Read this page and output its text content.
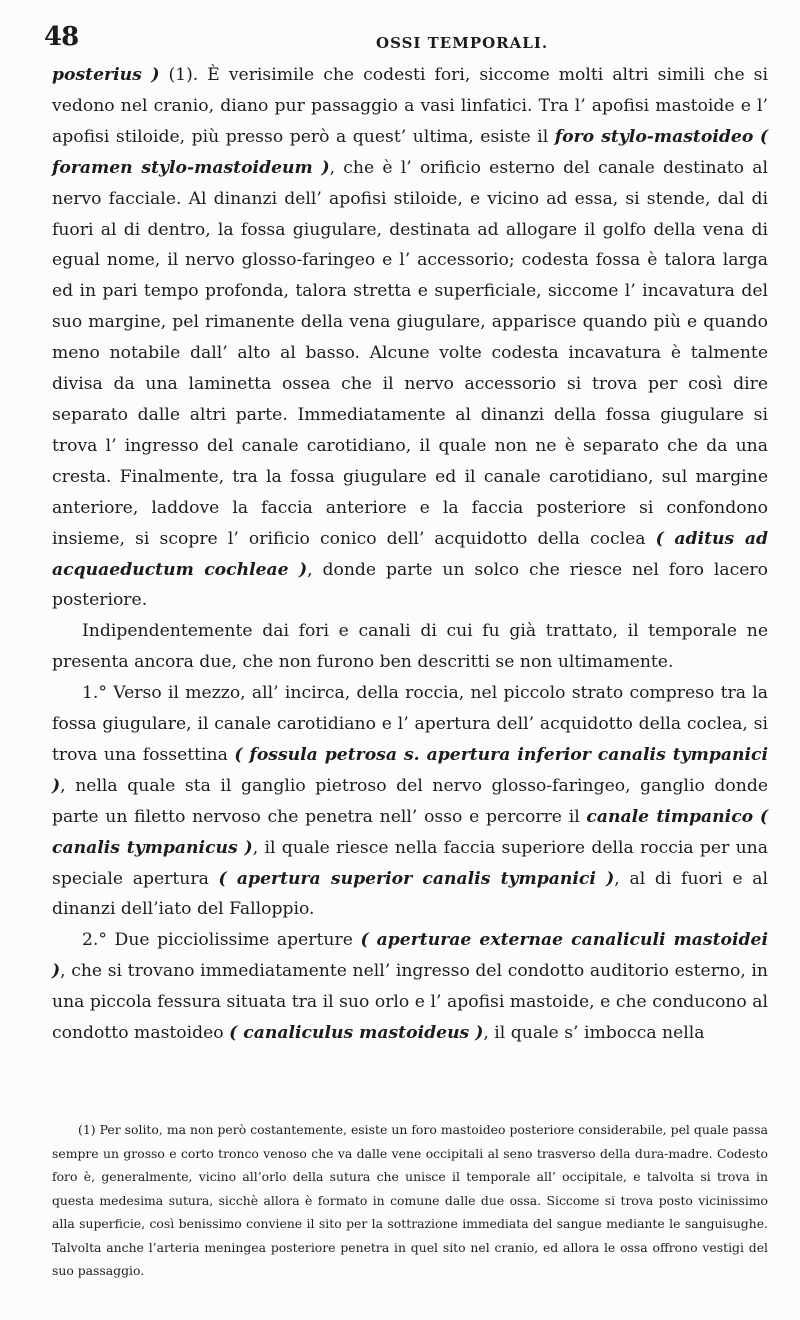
48	OSSI TEMPORALI.

posterius ) (1). È verisimile che codesti fori, siccome molti altri simili che si vedono nel cranio, diano pur passaggio a vasi linfatici. Tra l’ apofisi mastoide e l’ apofisi stiloide, più presso però a quest’ ultima, esiste il foro stylo-mastoideo ( foramen stylo-mastoideum ), che è l’ orificio esterno del canale destinato al nervo facciale. Al dinanzi dell’ apofisi stiloide, e vicino ad essa, si stende, dal di fuori al di dentro, la fossa giugulare, destinata ad allogare il golfo della vena di egual nome, il nervo glosso-faringeo e l’ accessorio; codesta fossa è talora larga ed in pari tempo profonda, talora stretta e superficiale, siccome l’ incavatura del suo margine, pel rimanente della vena giugulare, apparisce quando più e quando meno notabile dall’ alto al basso. Alcune volte codesta incavatura è talmente divisa da una laminetta ossea che il nervo accessorio si trova per così dire separato dalle altri parte. Immediatamente al dinanzi della fossa giugulare si trova l’ ingresso del canale carotidiano, il quale non ne è separato che da una cresta. Finalmente, tra la fossa giugulare ed il canale carotidiano, sul margine anteriore, laddove la faccia anteriore e la faccia posteriore si confondono insieme, si scopre l’ orificio conico dell’ acquidotto della coclea ( aditus ad acquaeductum cochleae ), donde parte un solco che riesce nel foro lacero posteriore.

Indipendentemente dai fori e canali di cui fu già trattato, il temporale ne presenta ancora due, che non furono ben descritti se non ultimamente.

1.° Verso il mezzo, all’ incirca, della roccia, nel piccolo strato compreso tra la fossa giugulare, il canale carotidiano e l’ apertura dell’ acquidotto della coclea, si trova una fossettina ( fossula petrosa s. apertura inferior canalis tympanici ), nella quale sta il ganglio pietroso del nervo glosso-faringeo, ganglio donde parte un filetto nervoso che penetra nell’ osso e percorre il canale timpanico ( canalis tympanicus ), il quale riesce nella faccia superiore della roccia per una speciale apertura ( apertura superior canalis tympanici ), al di fuori e al dinanzi dell’iato del Falloppio.

2.° Due picciolissime aperture ( aperturae externae canaliculi mastoidei ), che si trovano immediatamente nell’ ingresso del condotto auditorio esterno, in una piccola fessura situata tra il suo orlo e l’ apofisi mastoide, e che conducono al condotto mastoideo ( canaliculus mastoideus ), il quale s’ imbocca nella

(1) Per solito, ma non però costantemente, esiste un foro mastoideo posteriore considerabile, pel quale passa sempre un grosso e corto tronco venoso che va dalle vene occipitali al seno trasverso della dura-madre. Codesto foro è, generalmente, vicino all’orlo della sutura che unisce il temporale all’ occipitale, e talvolta si trova in questa medesima sutura, sicchè allora è formato in comune dalle due ossa. Siccome si trova posto vicinissimo alla superficie, così benissimo conviene il sito per la sottrazione immediata del sangue mediante le sanguisughe. Talvolta anche l’arteria meningea posteriore penetra in quel sito nel cranio, ed allora le ossa offrono vestigi del suo passaggio.
